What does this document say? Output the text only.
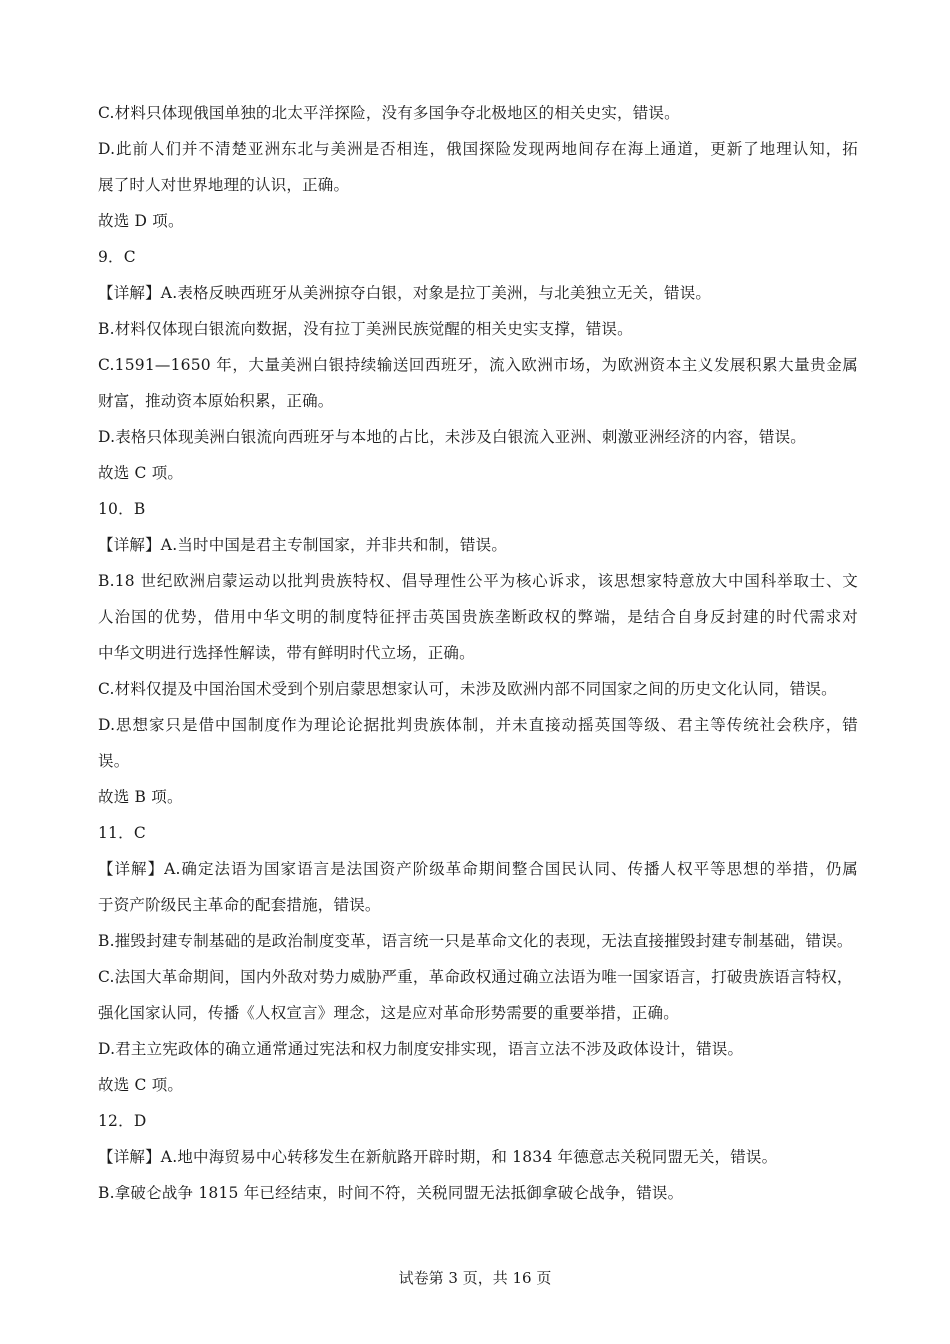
C.材料只体现俄国单独的北太平洋探险，没有多国争夺北极地区的相关史实，错误。
D.此前人们并不清楚亚洲东北与美洲是否相连，俄国探险发现两地间存在海上通道，更新了地理认知，拓
展了时人对世界地理的认识，正确。
故选 D 项。
9．C
【详解】A.表格反映西班牙从美洲掠夺白银，对象是拉丁美洲，与北美独立无关，错误。
B.材料仅体现白银流向数据，没有拉丁美洲民族觉醒的相关史实支撑，错误。
C.1591—1650 年，大量美洲白银持续输送回西班牙，流入欧洲市场，为欧洲资本主义发展积累大量贵金属
财富，推动资本原始积累，正确。
D.表格只体现美洲白银流向西班牙与本地的占比，未涉及白银流入亚洲、刺激亚洲经济的内容，错误。
故选 C 项。
10．B
【详解】A.当时中国是君主专制国家，并非共和制，错误。
B.18 世纪欧洲启蒙运动以批判贵族特权、倡导理性公平为核心诉求，该思想家特意放大中国科举取士、文
人治国的优势，借用中华文明的制度特征抨击英国贵族垄断政权的弊端，是结合自身反封建的时代需求对
中华文明进行选择性解读，带有鲜明时代立场，正确。
C.材料仅提及中国治国术受到个别启蒙思想家认可，未涉及欧洲内部不同国家之间的历史文化认同，错误。
D.思想家只是借中国制度作为理论论据批判贵族体制，并未直接动摇英国等级、君主等传统社会秩序，错
误。
故选 B 项。
11．C
【详解】A.确定法语为国家语言是法国资产阶级革命期间整合国民认同、传播人权平等思想的举措，仍属
于资产阶级民主革命的配套措施，错误。
B.摧毁封建专制基础的是政治制度变革，语言统一只是革命文化的表现，无法直接摧毁封建专制基础，错误。
C.法国大革命期间，国内外敌对势力威胁严重，革命政权通过确立法语为唯一国家语言，打破贵族语言特权，
强化国家认同，传播《人权宣言》理念，这是应对革命形势需要的重要举措，正确。
D.君主立宪政体的确立通常通过宪法和权力制度安排实现，语言立法不涉及政体设计，错误。
故选 C 项。
12．D
【详解】A.地中海贸易中心转移发生在新航路开辟时期，和 1834 年德意志关税同盟无关，错误。
B.拿破仑战争 1815 年已经结束，时间不符，关税同盟无法抵御拿破仑战争，错误。
试卷第 3 页，共 16 页
